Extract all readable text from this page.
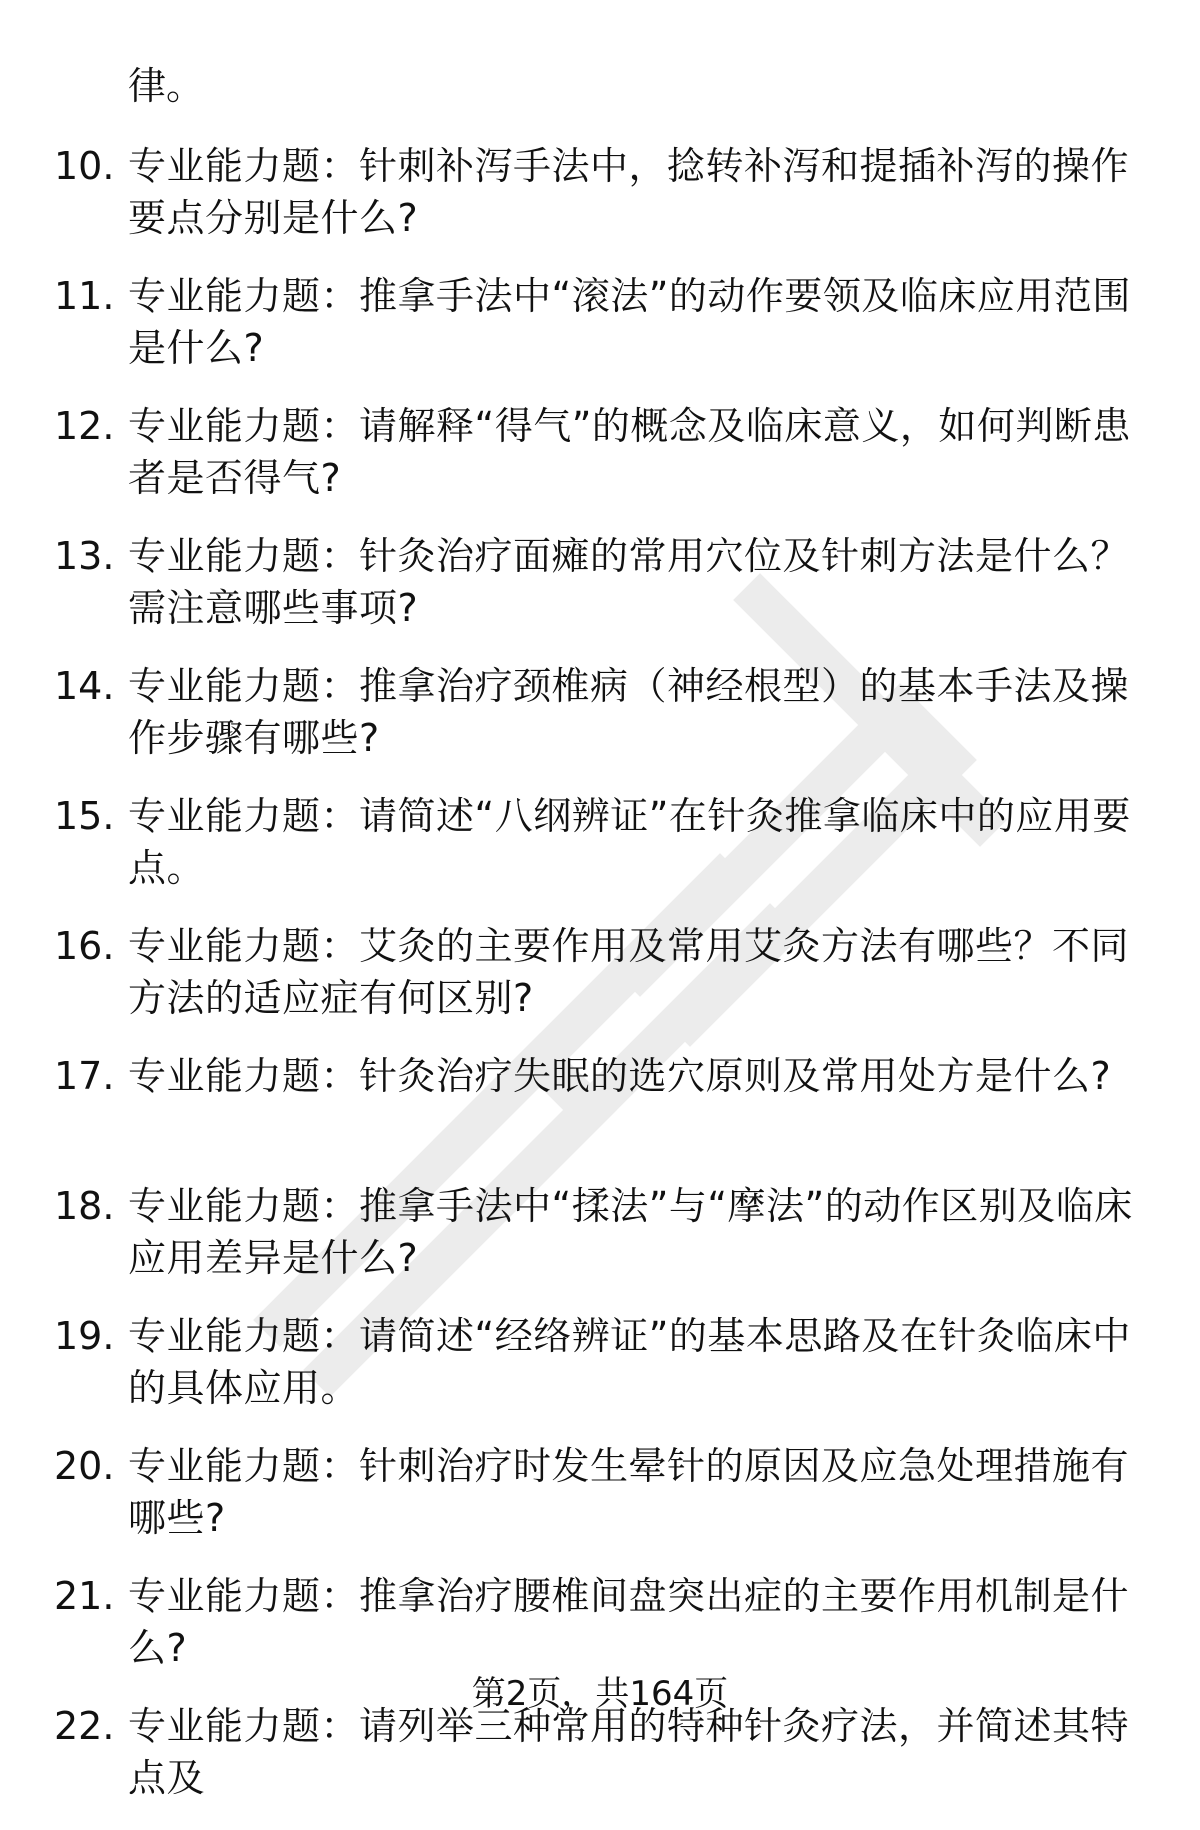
律。

10. 专业能力题：针刺补泻手法中，捻转补泻和提插补泻的操作要点分别是什么?
11. 专业能力题：推拿手法中“滚法”的动作要领及临床应用范围是什么?
12. 专业能力题：请解释“得气”的概念及临床意义，如何判断患者是否得气?
13. 专业能力题：针灸治疗面瘫的常用穴位及针刺方法是什么？需注意哪些事项?
14. 专业能力题：推拿治疗颈椎病（神经根型）的基本手法及操作步骤有哪些?
15. 专业能力题：请简述“八纲辨证”在针灸推拿临床中的应用要点。
16. 专业能力题：艾灸的主要作用及常用艾灸方法有哪些？不同方法的适应症有何区别?
17. 专业能力题：针灸治疗失眠的选穴原则及常用处方是什么?
18. 专业能力题：推拿手法中“揉法”与“摩法”的动作区别及临床应用差异是什么?
19. 专业能力题：请简述“经络辨证”的基本思路及在针灸临床中的具体应用。
20. 专业能力题：针刺治疗时发生晕针的原因及应急处理措施有哪些?
21. 专业能力题：推拿治疗腰椎间盘突出症的主要作用机制是什么?
22. 专业能力题：请列举三种常用的特种针灸疗法，并简述其特点及
第2页，共164页
